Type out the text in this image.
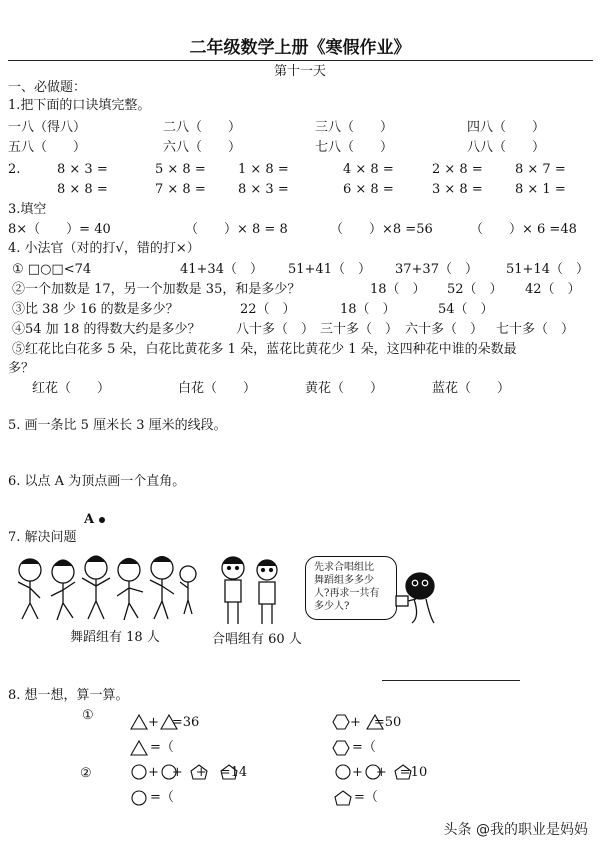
二年级数学上册《寒假作业》
第十一天
一、必做题：
1.把下面的口诀填完整。
一八（得八）	二八（　　）	三八（　　）	四八（　　）
五八（　　）	六八（　　）	七八（　　）	八八（　　）
2.	8 × 3 =	5 × 8 = 1 × 8 =	4 × 8 =	2 × 8 = 8 × 7 =
8 × 8 =	7 × 8 = 8 × 3 =	6 × 8 =	3 × 8 = 8 × 1 =
3.填空
8×（　　）= 40	（　　）× 8 = 8	（　　）×8 =56	（　　）× 6 =48
4. 小法官（对的打√，错的打×）
① □○□<74	41+34（　） 51+41（　） 37+37（　） 51+14（　）
②一个加数是 17，另一个加数是 35，和是多少？	18（　） 52（　） 42（　）
③比 38 少 16 的数是多少？	22（　）	18（　）	54（　）
④54 加 18 的得数大约是多少？	八十多（　） 三十多（　） 六十多（　） 七十多（　）
⑤红花比白花多 5 朵，白花比黄花多 1 朵，蓝花比黄花少 1 朵，这四种花中谁的朵数最
多？
红花（　　）	白花（　　）	黄花（　　）	蓝花（　　）
5. 画一条比 5 厘米长 3 厘米的线段。
6. 以点 A 为顶点画一个直角。
A
7. 解决问题
舞蹈组有 18 人	合唱组有 60 人
先求合唱组比
舞蹈组多多少
人?再求一共有
多少人?
8. 想一想，算一算。
①
②
+　=36
=（
+　=50
=（
+　+　+　=14
=（
+　+　=10
=（
头条 @我的职业是妈妈
